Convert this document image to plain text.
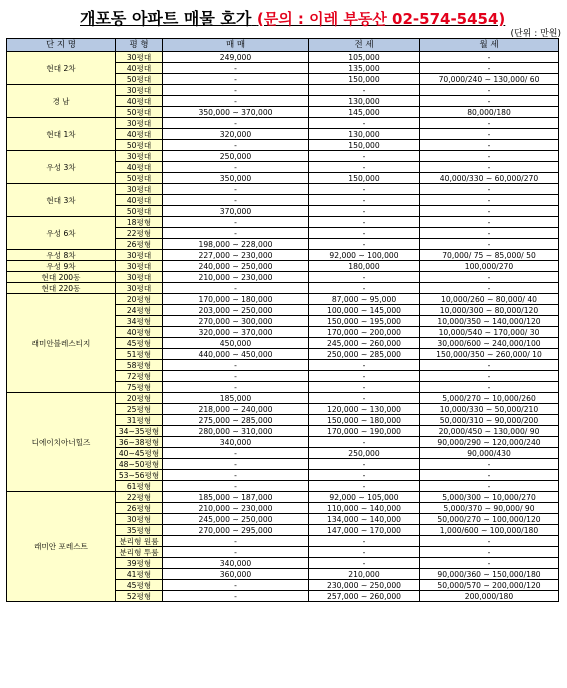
개포동 아파트 매물 호가 (문의 : 이레 부동산 02-574-5454)
(단위 : 만원)
단 지 명	평 형	매 매	전 세	월 세
현대 2차	30평대	249,000	105,000	-
	40평대	-	135,000	-
	50평대	-	150,000	70,000/240 ~ 130,000/ 60
경 남	30평대	-	-	-
	40평대	-	130,000	-
	50평대	350,000 ~ 370,000	145,000	80,000/180
현대 1차	30평대	-	-	-
	40평대	320,000	130,000	-
	50평대	-	150,000	-
우성 3차	30평대	250,000	-	-
	40평대	-	-	-
	50평대	350,000	150,000	40,000/330 ~ 60,000/270
현대 3차	30평대	-	-	-
	40평대	-	-	-
	50평대	370,000	-	-
우성 6차	18평형	-	-	-
	22평형	-	-	-
	26평형	198,000 ~ 228,000	-	-
우성 8차	30평대	227,000 ~ 230,000	92,000 ~ 100,000	70,000/ 75 ~ 85,000/ 50
우성 9차	30평대	240,000 ~ 250,000	180,000	100,000/270
현대 200동	30평대	210,000 ~ 230,000	-	-
현대 220동	30평대	-	-	-
래미안블레스티지	20평형	170,000 ~ 180,000	87,000 ~ 95,000	10,000/260 ~ 80,000/ 40
	24평형	203,000 ~ 250,000	100,000 ~ 145,000	10,000/300 ~ 80,000/120
	34평형	270,000 ~ 300,000	150,000 ~ 195,000	10,000/350 ~ 140,000/120
	40평형	320,000 ~ 370,000	170,000 ~ 200,000	10,000/540 ~ 170,000/ 30
	45평형	450,000	245,000 ~ 260,000	30,000/600 ~ 240,000/100
	51평형	440,000 ~ 450,000	250,000 ~ 285,000	150,000/350 ~ 260,000/ 10
	58평형	-	-	-
	72평형	-	-	-
	75평형	-	-	-
디에이치아너힐즈	20평형	185,000	-	5,000/270 ~ 10,000/260
	25평형	218,000 ~ 240,000	120,000 ~ 130,000	10,000/330 ~ 50,000/210
	31평형	275,000 ~ 285,000	150,000 ~ 180,000	50,000/310 ~ 90,000/200
	34~35평형	280,000 ~ 310,000	170,000 ~ 190,000	20,000/450 ~ 130,000/ 90
	36~38평형	340,000	-	90,000/290 ~ 120,000/240
	40~45평형	-	250,000	90,000/430
	48~50평형	-	-	-
	53~56평형	-	-	-
	61평형	-	-	-
래미안 포레스트	22평형	185,000 ~ 187,000	92,000 ~ 105,000	5,000/300 ~ 10,000/270
	26평형	210,000 ~ 230,000	110,000 ~ 140,000	5,000/370 ~ 90,000/ 90
	30평형	245,000 ~ 250,000	134,000 ~ 140,000	50,000/270 ~ 100,000/120
	35평형	270,000 ~ 295,000	147,000 ~ 170,000	1,000/600 ~ 100,000/180
	분리형 원룸	-	-	-
	분리형 투룸	-	-	-
	39평형	340,000	-	-
	41평형	360,000	210,000	90,000/360 ~ 150,000/180
	45평형	-	230,000 ~ 250,000	50,000/570 ~ 200,000/120
	52평형	-	257,000 ~ 260,000	200,000/180
